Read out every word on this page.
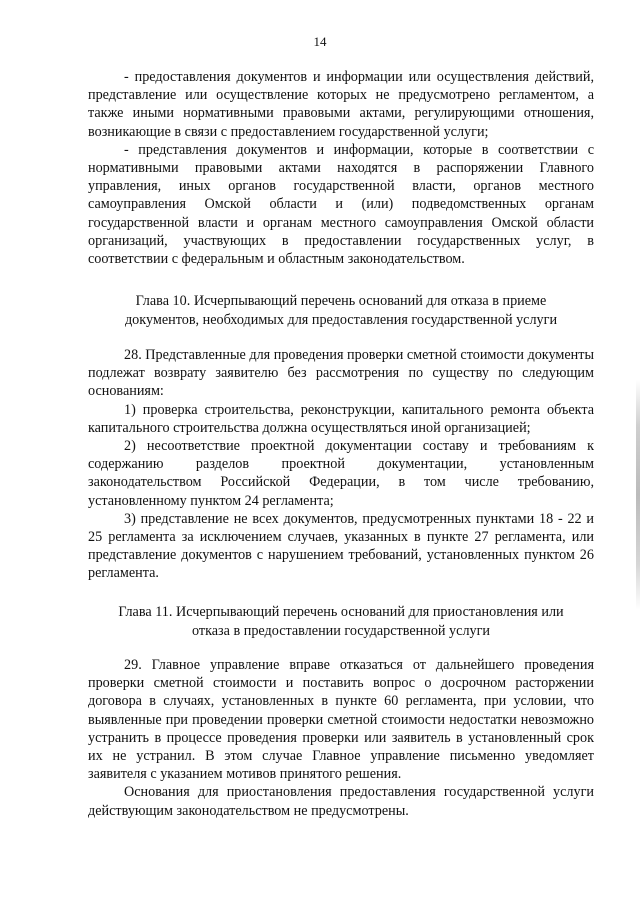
14

- предоставления документов и информации или осуществления действий, представление или осуществление которых не предусмотрено регламентом, а также иными нормативными правовыми актами, регулирующими отношения, возникающие в связи с предоставлением государственной услуги;

- представления документов и информации, которые в соответствии с нормативными правовыми актами находятся в распоряжении Главного управления, иных органов государственной власти, органов местного самоуправления Омской области и (или) подведомственных органам государственной власти и органам местного самоуправления Омской области организаций, участвующих в предоставлении государственных услуг, в соответствии с федеральным и областным законодательством.

Глава 10. Исчерпывающий перечень оснований для отказа в приеме
документов, необходимых для предоставления государственной услуги

28. Представленные для проведения проверки сметной стоимости документы подлежат возврату заявителю без рассмотрения по существу по следующим основаниям:

1) проверка строительства, реконструкции, капитального ремонта объекта капитального строительства должна осуществляться иной организацией;

2) несоответствие проектной документации составу и требованиям к содержанию разделов проектной документации, установленным законодательством Российской Федерации, в том числе требованию, установленному пунктом 24 регламента;

3) представление не всех документов, предусмотренных пунктами 18 - 22 и 25 регламента за исключением случаев, указанных в пункте 27 регламента, или представление документов с нарушением требований, установленных пунктом 26 регламента.

Глава 11. Исчерпывающий перечень оснований для приостановления или
отказа в предоставлении государственной услуги

29. Главное управление вправе отказаться от дальнейшего проведения проверки сметной стоимости и поставить вопрос о досрочном расторжении договора в случаях, установленных в пункте 60 регламента, при условии, что выявленные при проведении проверки сметной стоимости недостатки невозможно устранить в процессе проведения проверки или заявитель в установленный срок их не устранил. В этом случае Главное управление письменно уведомляет заявителя с указанием мотивов принятого решения.

Основания для приостановления предоставления государственной услуги действующим законодательством не предусмотрены.
